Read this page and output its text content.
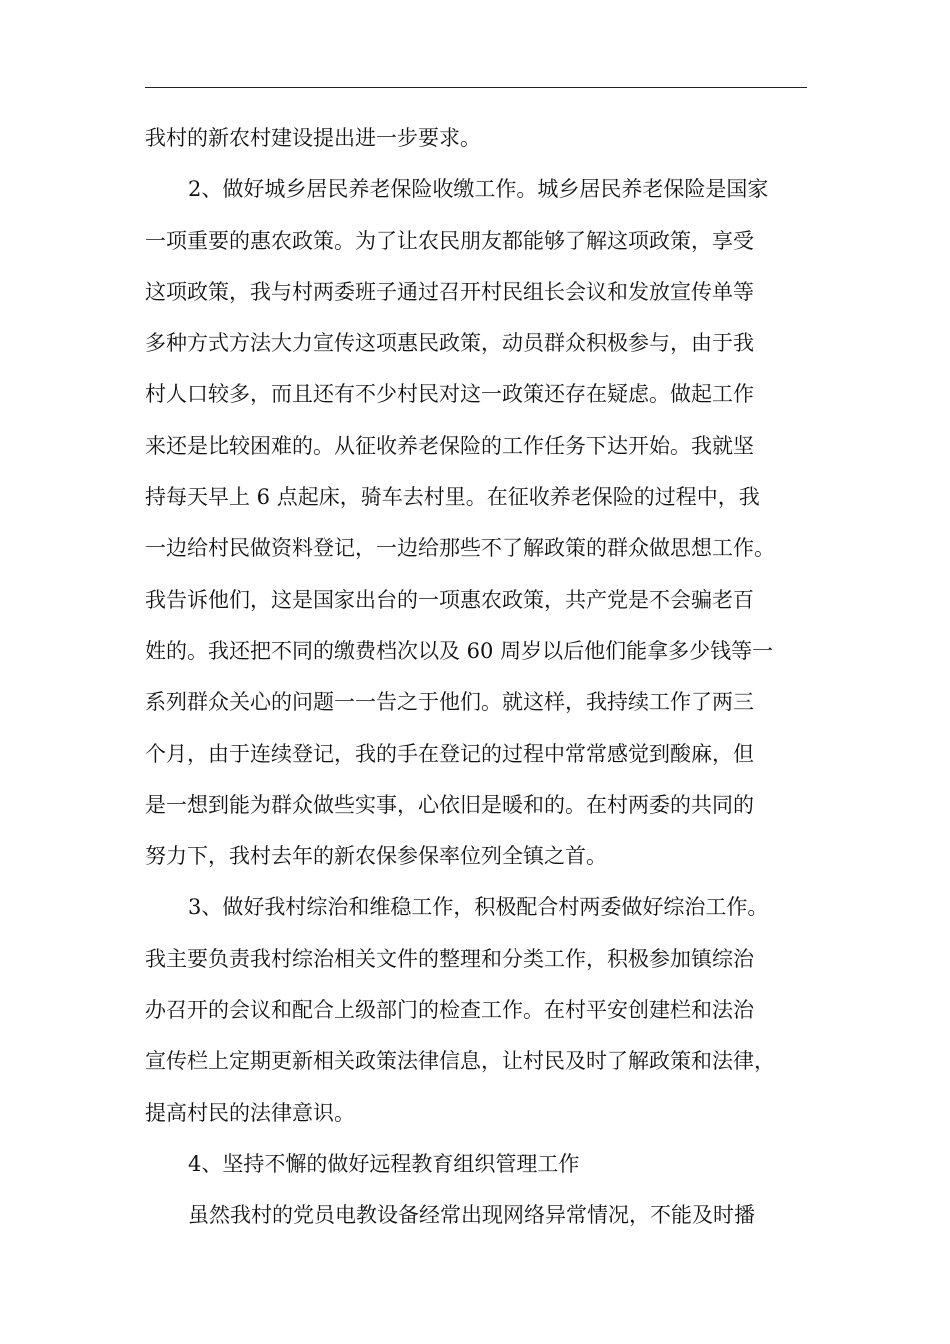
我村的新农村建设提出进一步要求。
2、做好城乡居民养老保险收缴工作。城乡居民养老保险是国家
一项重要的惠农政策。为了让农民朋友都能够了解这项政策，享受
这项政策，我与村两委班子通过召开村民组长会议和发放宣传单等
多种方式方法大力宣传这项惠民政策，动员群众积极参与，由于我
村人口较多，而且还有不少村民对这一政策还存在疑虑。做起工作
来还是比较困难的。从征收养老保险的工作任务下达开始。我就坚
持每天早上 6 点起床，骑车去村里。在征收养老保险的过程中，我
一边给村民做资料登记，一边给那些不了解政策的群众做思想工作。
我告诉他们，这是国家出台的一项惠农政策，共产党是不会骗老百
姓的。我还把不同的缴费档次以及 60 周岁以后他们能拿多少钱等一
系列群众关心的问题一一告之于他们。就这样，我持续工作了两三
个月，由于连续登记，我的手在登记的过程中常常感觉到酸麻，但
是一想到能为群众做些实事，心依旧是暖和的。在村两委的共同的
努力下，我村去年的新农保参保率位列全镇之首。
3、做好我村综治和维稳工作，积极配合村两委做好综治工作。
我主要负责我村综治相关文件的整理和分类工作，积极参加镇综治
办召开的会议和配合上级部门的检查工作。在村平安创建栏和法治
宣传栏上定期更新相关政策法律信息，让村民及时了解政策和法律，
提高村民的法律意识。
4、坚持不懈的做好远程教育组织管理工作
虽然我村的党员电教设备经常出现网络异常情况，不能及时播
